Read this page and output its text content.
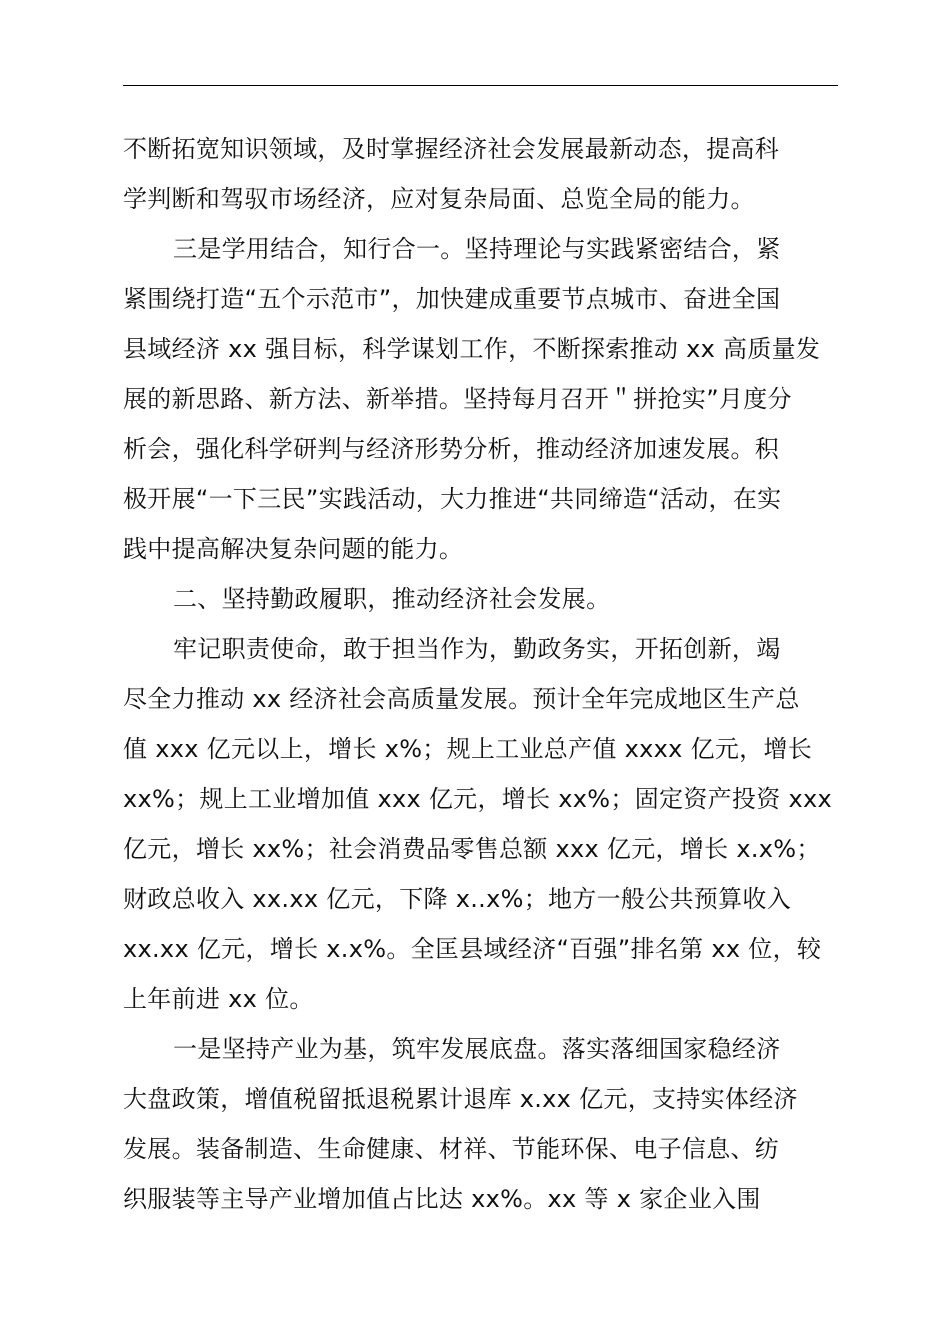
不断拓宽知识领域，及时掌握经济社会发展最新动态，提高科
学判断和驾驭市场经济，应对复杂局面、总览全局的能力。
三是学用结合，知行合一。坚持理论与实践紧密结合，紧
紧围绕打造“五个示范市”，加快建成重要节点城市、奋进全国
县域经济 xx 强目标，科学谋划工作，不断探索推动 xx 高质量发
展的新思路、新方法、新举措。坚持每月召开＂拼抢实”月度分
析会，强化科学研判与经济形势分析，推动经济加速发展。积
极开展“一下三民”实践活动，大力推进“共同缔造“活动，在实
践中提高解决复杂问题的能力。
二、坚持勤政履职，推动经济社会发展。
牢记职责使命，敢于担当作为，勤政务实，开拓创新，竭
尽全力推动 xx 经济社会高质量发展。预计全年完成地区生产总
值 xxx 亿元以上，增长 x%；规上工业总产值 xxxx 亿元，增长
xx%；规上工业增加值 xxx 亿元，增长 xx%；固定资产投资 xxx
亿元，增长 xx%；社会消费品零售总额 xxx 亿元，增长 x.x%；
财政总收入 xx.xx 亿元，下降 x..x%；地方一般公共预算收入
xx.xx 亿元，增长 x.x%。全匡县域经济“百强”排名第 xx 位，较
上年前进 xx 位。
一是坚持产业为基，筑牢发展底盘。落实落细国家稳经济
大盘政策，增值税留抵退税累计退库 x.xx 亿元，支持实体经济
发展。装备制造、生命健康、材祥、节能环保、电子信息、纺
织服装等主导产业增加值占比达 xx%。xx 等 x 家企业入围
